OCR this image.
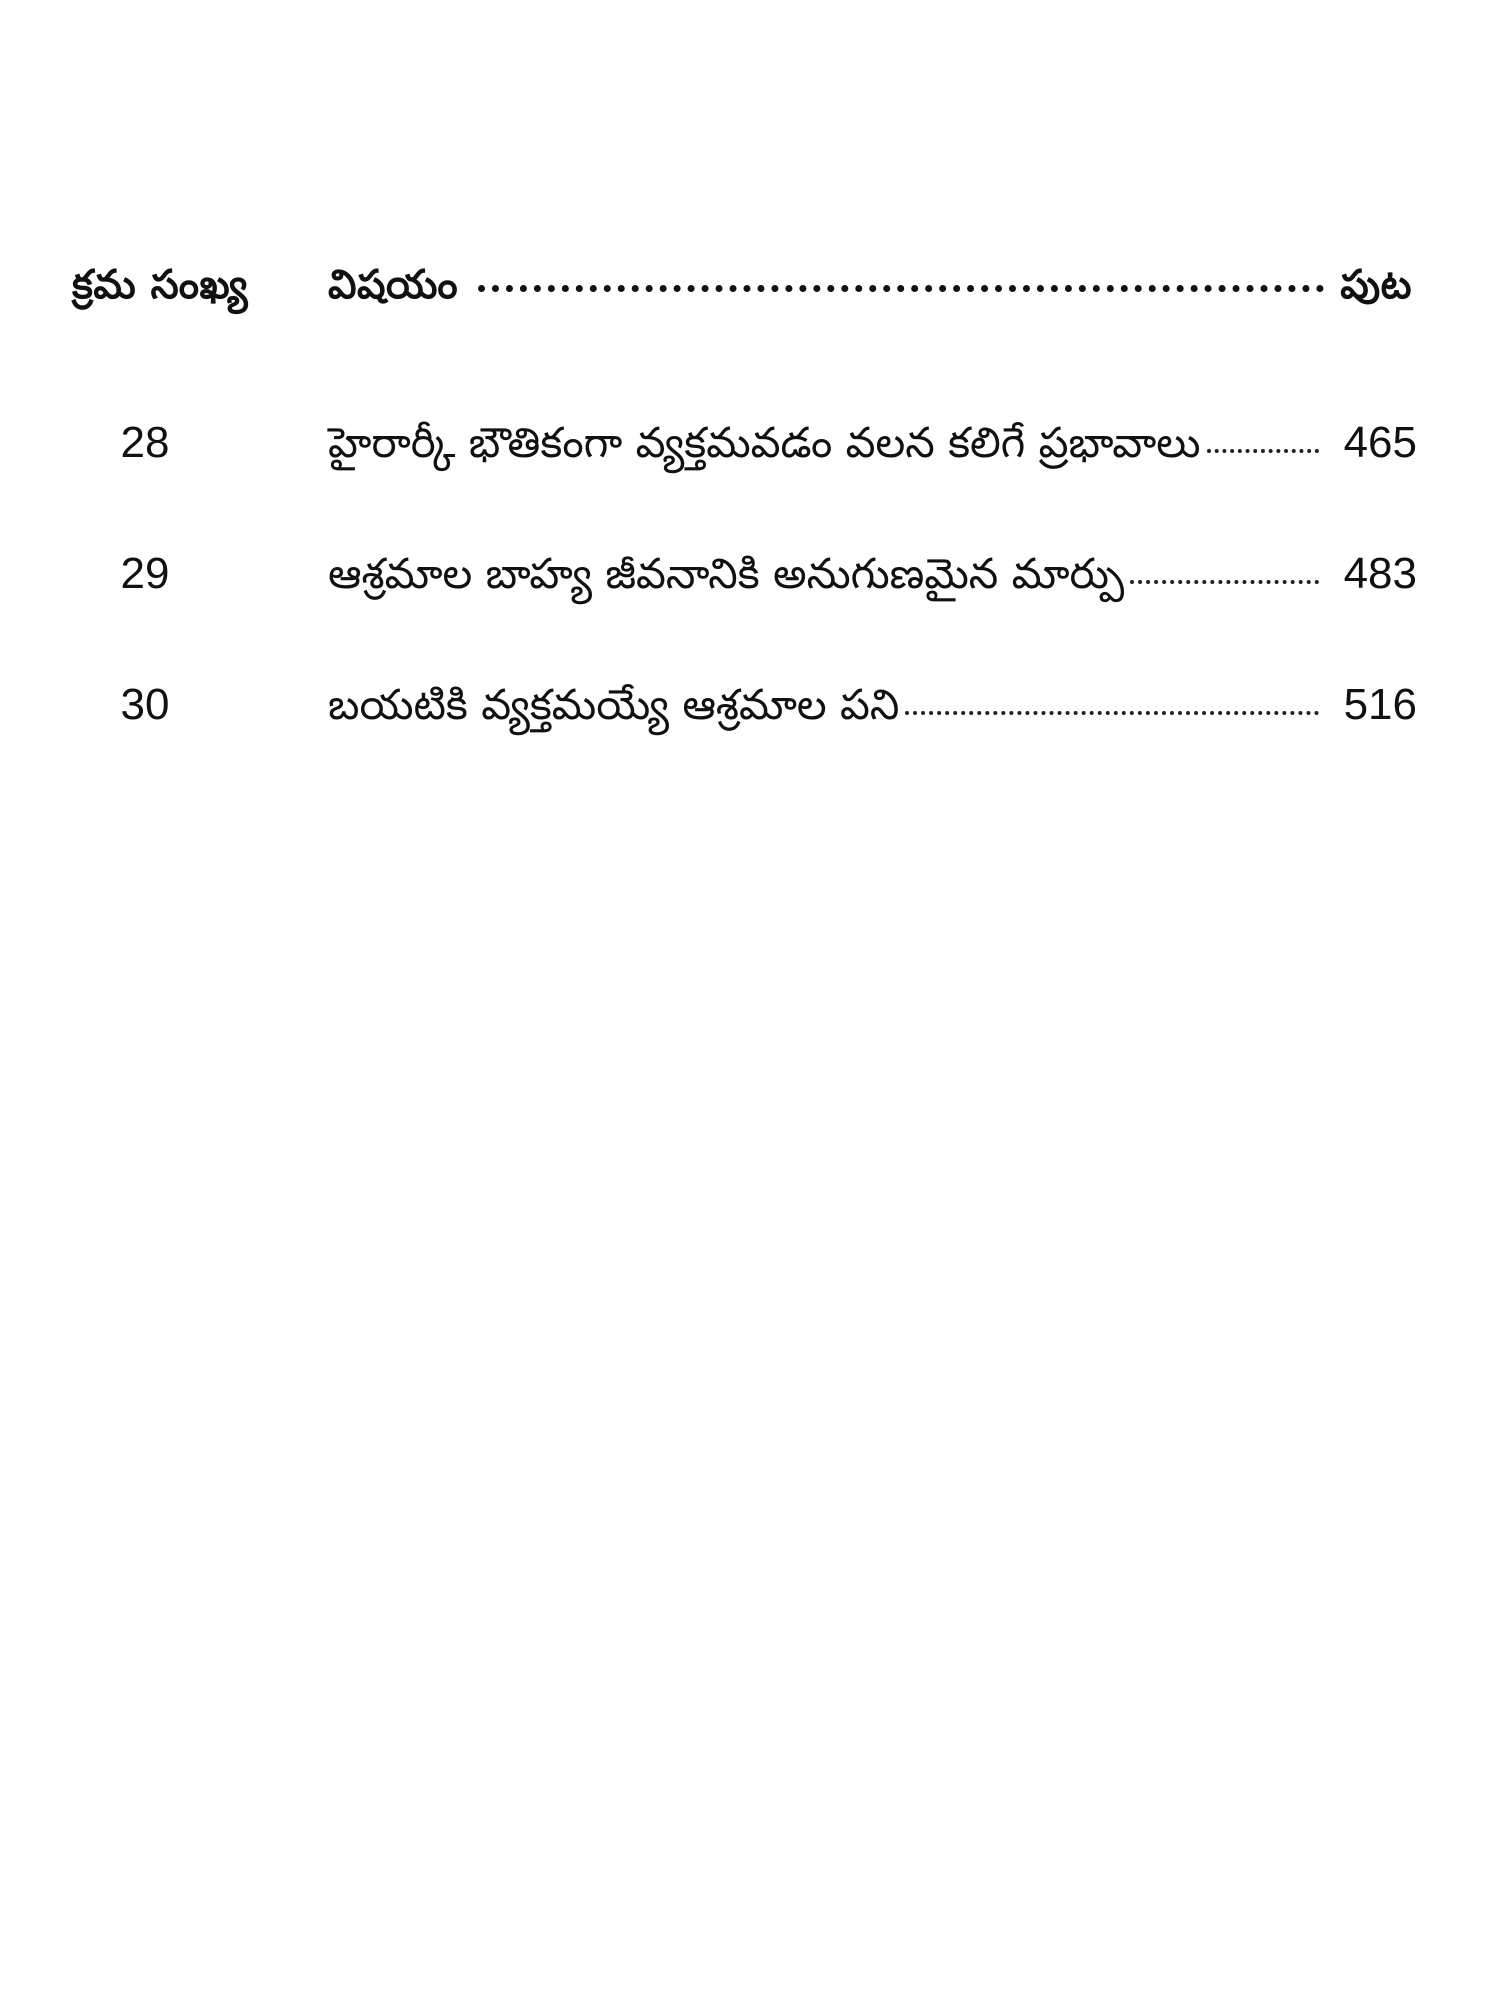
క్రమ సంఖ్య	విషయం	పుట
28	హైరార్కీ భౌతికంగా వ్యక్తమవడం వలన కలిగే ప్రభావాలు	465
29	ఆశ్రమాల బాహ్య జీవనానికి అనుగుణమైన మార్పు	483
30	బయటికి వ్యక్తమయ్యే ఆశ్రమాల పని	516
